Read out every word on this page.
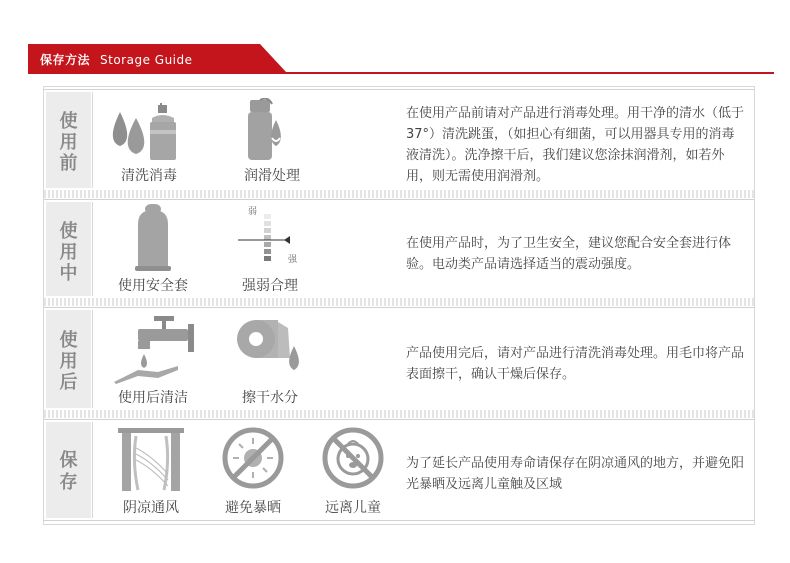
保存方法 Storage Guide
使
用
前
清洗消毒	润滑处理
在使用产品前请对产品进行消毒处理。用干净的清水（低于37°）清洗跳蛋，（如担心有细菌，可以用器具专用的消毒液清洗）。洗净擦干后，我们建议您涂抹润滑剂，如若外用，则无需使用润滑剂。
使
用
中
使用安全套
弱
强
强弱合理
在使用产品时，为了卫生安全，建议您配合安全套进行体验。电动类产品请选择适当的震动强度。
使
用
后
使用后清洁	擦干水分
产品使用完后，请对产品进行清洗消毒处理。用毛巾将产品表面擦干，确认干燥后保存。
保
存
阴凉通风	避免暴晒	远离儿童
为了延长产品使用寿命请保存在阴凉通风的地方，并避免阳光暴晒及远离儿童触及区域
